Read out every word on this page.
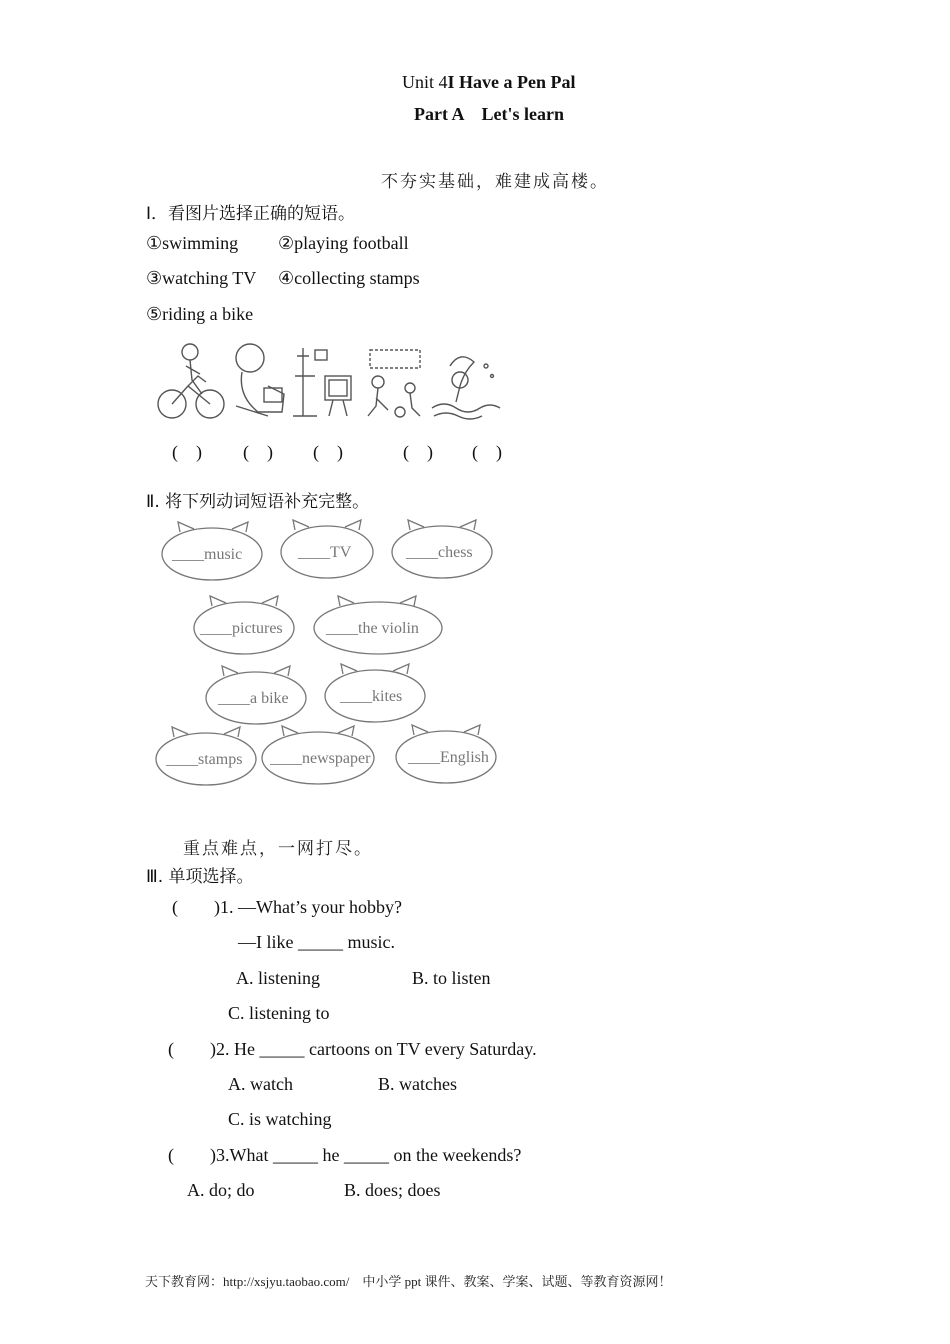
Unit 4I Have a Pen Pal
Part A    Let's learn
不夯实基础，难建成高楼。
Ⅰ．看图片选择正确的短语。
①swimming ②playing football
③watching TV ④collecting stamps
⑤riding a bike
(    ) (    ) (    )	(    ) (    )
Ⅱ. 将下列动词短语补充完整。
____music	____TV	____chess
____pictures	____the violin
____a bike	____kites
____stamps ____newspaper ____English
重点难点，一网打尽。
Ⅲ. 单项选择。
(        )1. —What’s your hobby?
—I like _____ music.
A. listening	B. to listen
C. listening to
(        )2. He _____ cartoons on TV every Saturday.
A. watch	B. watches
C. is watching
(        )3.What _____ he _____ on the weekends?
A. do; do	B. does; does
天下教育网：http://xsjyu.taobao.com/    中小学 ppt 课件、教案、学案、试题、等教育资源网！
